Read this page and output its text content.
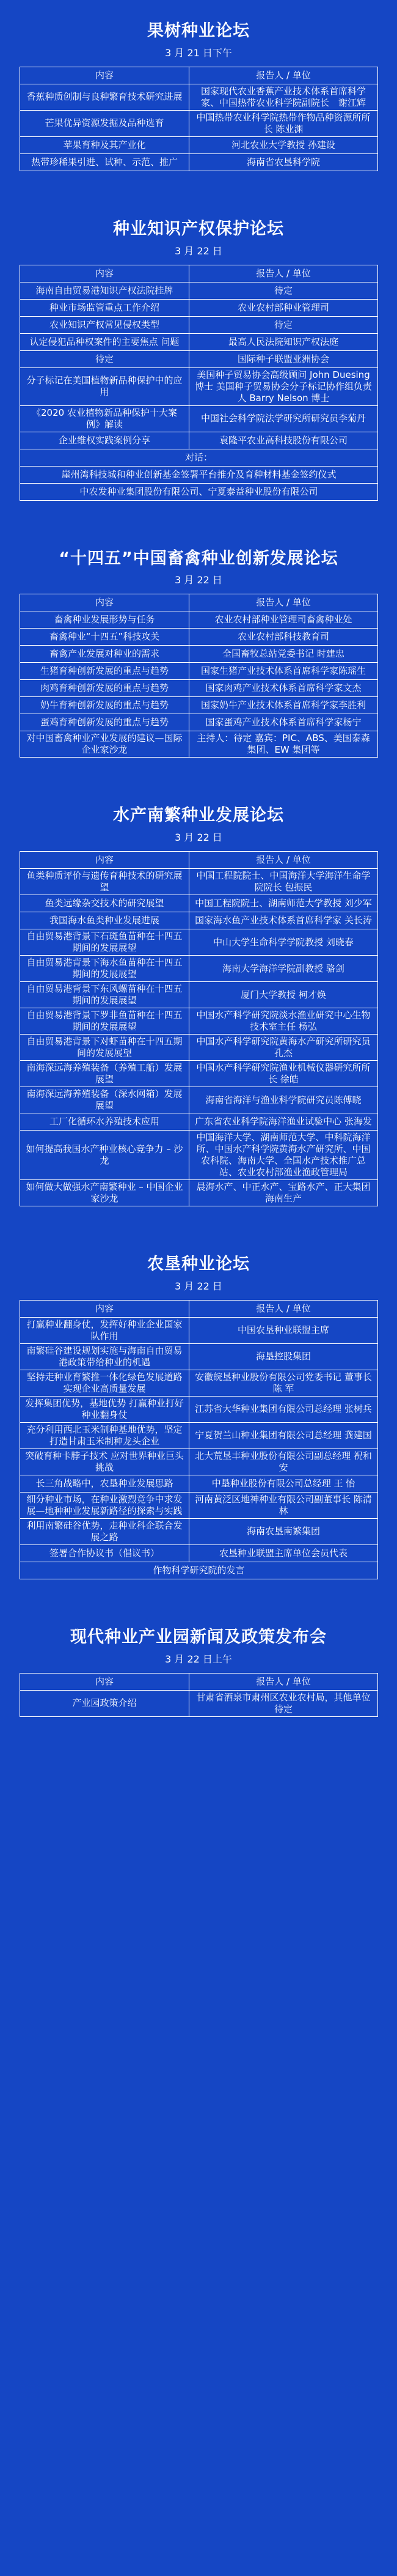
果树种业论坛
3 月 21 日下午
内容	报告人 / 单位
香蕉种质创制与良种繁育技术研究进展	国家现代农业香蕉产业技术体系首席科学家、中国热带农业科学院副院长　谢江辉
芒果优异资源发掘及品种选育	中国热带农业科学院热带作物品种资源所所长 陈业渊
苹果育种及其产业化	河北农业大学教授 孙建设
热带珍稀果引进、试种、示范、推广	海南省农垦科学院
种业知识产权保护论坛
3 月 22 日
内容	报告人 / 单位
海南自由贸易港知识产权法院挂牌	待定
种业市场监管重点工作介绍	农业农村部种业管理司
农业知识产权常见侵权类型	待定
认定侵犯品种权案件的主要焦点 问题	最高人民法院知识产权法庭
待定	国际种子联盟亚洲协会
分子标记在美国植物新品种保护中的应用	美国种子贸易协会高级顾问 John Duesing 博士 美国种子贸易协会分子标记协作组负责人 Barry Nelson 博士
《2020 农业植物新品种保护十大案例》解读	中国社会科学院法学研究所研究员李菊丹
企业维权实践案例分享	袁隆平农业高科技股份有限公司
对话：	
崖州湾科技城和种业创新基金签署平台推介及育种材料基金签约仪式	
中农发种业集团股份有限公司、宁夏泰益种业股份有限公司	
“十四五”中国畜禽种业创新发展论坛
3 月 22 日
内容	报告人 / 单位
畜禽种业发展形势与任务	农业农村部种业管理司畜禽种业处
畜禽种业“十四五”科技攻关	农业农村部科技教育司
畜禽产业发展对种业的需求	全国畜牧总站党委书记 时建忠
生猪育种创新发展的重点与趋势	国家生猪产业技术体系首席科学家陈瑶生
肉鸡育种创新发展的重点与趋势	国家肉鸡产业技术体系首席科学家文杰
奶牛育种创新发展的重点与趋势	国家奶牛产业技术体系首席科学家李胜利
蛋鸡育种创新发展的重点与趋势	国家蛋鸡产业技术体系首席科学家杨宁
对中国畜禽种业产业发展的建议—国际企业家沙龙	主持人：待定 嘉宾：PIC、ABS、美国泰森集团、EW 集团等
水产南繁种业发展论坛
3 月 22 日
内容	报告人 / 单位
鱼类种质评价与遗传育种技术的研究展望	中国工程院院士、中国海洋大学海洋生命学院院长 包振民
鱼类远缘杂交技术的研究展望	中国工程院院士、湖南师范大学教授 刘少军
我国海水鱼类种业发展进展	国家海水鱼产业技术体系首席科学家 关长涛
自由贸易港背景下石斑鱼苗种在十四五期间的发展展望	中山大学生命科学学院教授 刘晓春
自由贸易港背景下海水鱼苗种在十四五期间的发展展望	海南大学海洋学院副教授 骆剑
自由贸易港背景下东风螺苗种在十四五期间的发展展望	厦门大学教授 柯才焕
自由贸易港背景下罗非鱼苗种在十四五期间的发展展望	中国水产科学研究院淡水渔业研究中心生物技术室主任 杨弘
自由贸易港背景下对虾苗种在十四五期间的发展展望	中国水产科学研究院黄海水产研究所研究员 孔杰
南海深远海养殖装备（养殖工船）发展展望	中国水产科学研究院渔业机械仪器研究所所长 徐皓
南海深远海养殖装备（深水网箱）发展展望	海南省海洋与渔业科学院研究员陈傅晓
工厂化循环水养殖技术应用	广东省农业科学院海洋渔业试验中心 张海发
如何提高我国水产种业核心竞争力 – 沙龙	中国海洋大学、湖南师范大学、中科院海洋所、中国水产科学院黄海水产研究所、中国农科院、海南大学、全国水产技术推广总站、农业农村部渔业渔政管理局
如何做大做强水产南繁种业 – 中国企业家沙龙	晨海水产、中正水产、宝路水产、正大集团海南生产
农垦种业论坛
3 月 22 日
内容	报告人 / 单位
打赢种业翻身仗，发挥好种业企业国家队作用	中国农垦种业联盟主席
南繁硅谷建设规划实施与海南自由贸易港政策带给种业的机遇	海垦控股集团
坚持走种业育繁推一体化绿色发展道路 实现企业高质量发展	安徽皖垦种业股份有限公司党委书记 董事长 陈 军
发挥集团优势，基地优势 打赢种业打好种业翻身仗	江苏省大华种业集团有限公司总经理 张树兵
充分利用西北玉米制种基地优势，坚定打造甘肃玉米制种龙头企业	宁夏贺兰山种业集团有限公司总经理 龚建国
突破育种卡脖子技术 应对世界种业巨头挑战	北大荒垦丰种业股份有限公司副总经理 祝和安
长三角战略中，农垦种业发展思路	中垦种业股份有限公司总经理 王 怡
细分种业市场，在种业激烈竞争中求发展—地种种业发展新路径的探索与实践	河南黄泛区地神种业有限公司副董事长 陈清林
利用南繁硅谷优势，走种业科企联合发展之路	海南农垦南繁集团
签署合作协议书（倡议书）	农垦种业联盟主席单位会员代表
作物科学研究院的发言	
现代种业产业园新闻及政策发布会
3 月 22 日上午
内容	报告人 / 单位
产业园政策介绍	甘肃省酒泉市肃州区农业农村局，其他单位待定
